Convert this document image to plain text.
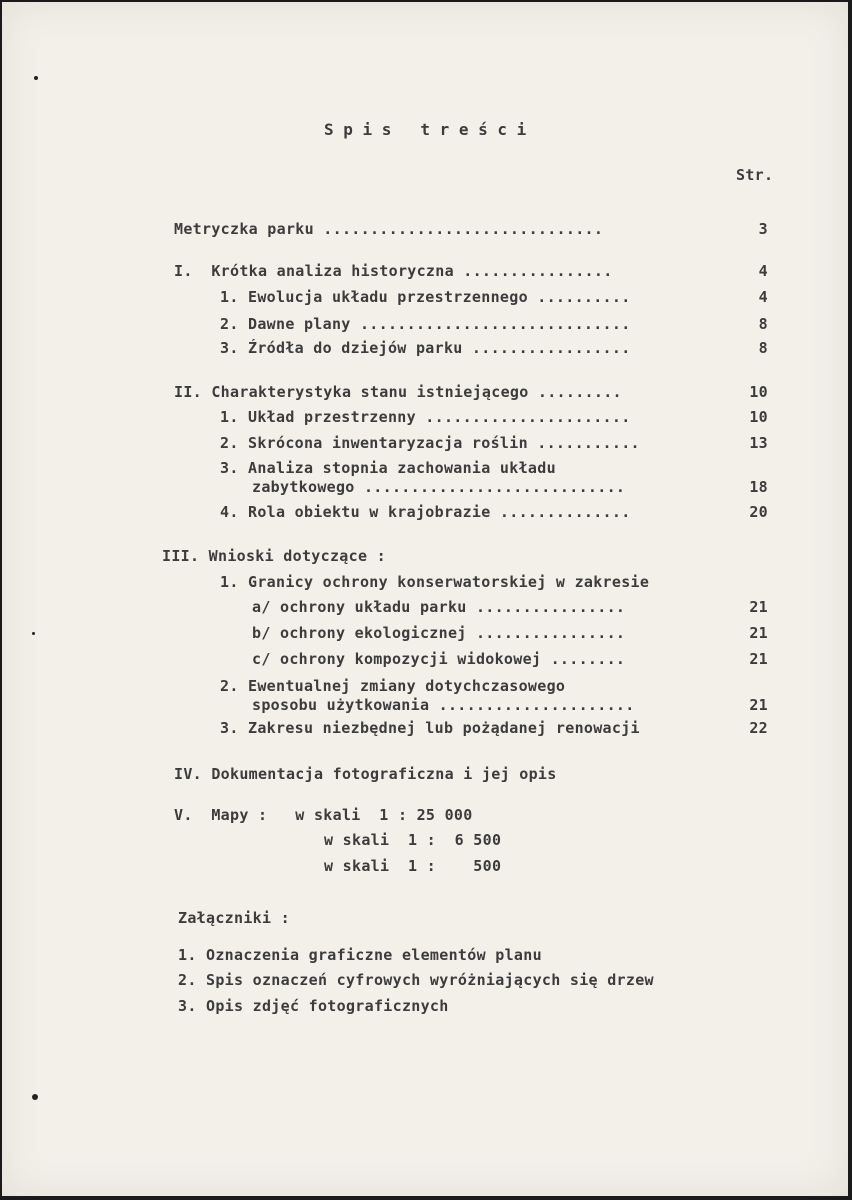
S p i s   t r e ś c i
Str.
Metryczka parku ..............................	3
I.  Krótka analiza historyczna ................	4
1. Ewolucja układu przestrzennego ..........	4
2. Dawne plany .............................	8
3. Źródła do dziejów parku .................	8
II. Charakterystyka stanu istniejącego .........	10
1. Układ przestrzenny ......................	10
2. Skrócona inwentaryzacja roślin ...........	13
3. Analiza stopnia zachowania układu
zabytkowego ............................	18
4. Rola obiektu w krajobrazie ..............	20
III. Wnioski dotyczące :
1. Granicy ochrony konserwatorskiej w zakresie
a/ ochrony układu parku ................	21
b/ ochrony ekologicznej ................	21
c/ ochrony kompozycji widokowej ........	21
2. Ewentualnej zmiany dotychczasowego
sposobu użytkowania .....................	21
3. Zakresu niezbędnej lub pożądanej renowacji	22
IV. Dokumentacja fotograficzna i jej opis
V.  Mapy :   w skali  1 : 25 000
w skali  1 :  6 500
w skali  1 :    500
Załączniki :
1. Oznaczenia graficzne elementów planu
2. Spis oznaczeń cyfrowych wyróżniających się drzew
3. Opis zdjęć fotograficznych
